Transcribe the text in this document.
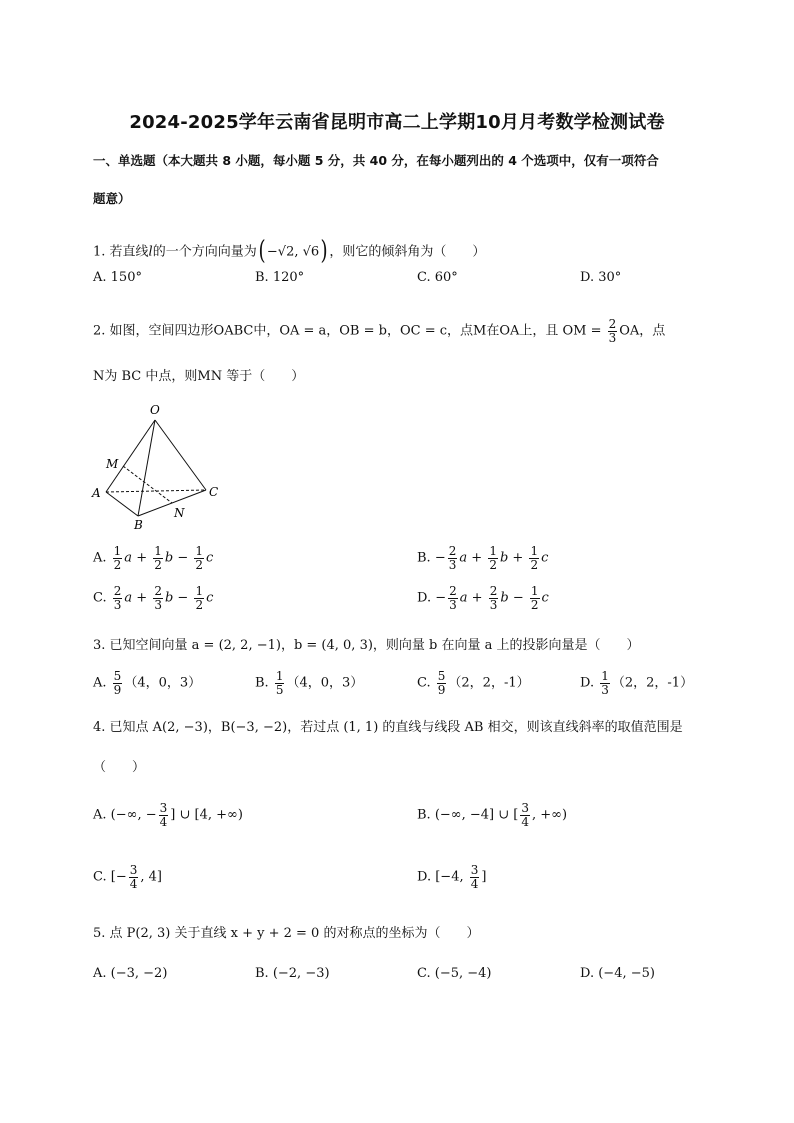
2024-2025学年云南省昆明市高二上学期10月月考数学检测试卷
一、单选题（本大题共 8 小题，每小题 5 分，共 40 分，在每小题列出的 4 个选项中，仅有一项符合
题意）
1. 若直线l的一个方向向量为( −√2, √6) ，则它的倾斜角为（　　）
A. 150°	B. 120°	C. 60°	D. 30°
2. 如图，空间四边形OABC中，OA = a，OB = b，OC = c，点M在OA上，且 OM = $\frac{2}{3}$ OA，点
N为 BC 中点，则MN 等于（　　）
O
M
A
B
N
C
A. $\frac{1}{2}$ $a + \frac{1}{2}$ $b - \frac{1}{2}$ c	B. − $\frac{2}{3}$ $a + \frac{1}{2}$ $b + \frac{1}{2}$ c
C. $\frac{2}{3}$ $a + \frac{2}{3}$ $b - \frac{1}{2}$ c	D. − $\frac{2}{3}$ $a + \frac{2}{3}$ $b - \frac{1}{2}$ c
3. 已知空间向量 a = (2, 2, −1)，b = (4, 0, 3)，则向量 b 在向量 a 上的投影向量是（　　）
A. $\frac{5}{9} (4$，0，3）	B. $\frac{1}{5} (4$，0，3）	C. $\frac{5}{9} (2$，2，-1）	D. $\frac{1}{3} (2$，2，-1）
4. 已知点 A(2, −3)，B(−3, −2)，若过点 (1, 1) 的直线与线段 AB 相交，则该直线斜率的取值范围是
（　　）
A. (−∞, − $\frac{3}{4}$ ] ∪ [4, +∞)	B. (−∞, −4] ∪ [ $\frac{3}{4}$ , +∞)
C. [− $\frac{3}{4}$ , 4]	D. [−4, $\frac{3}{4}$ ]
5. 点 P(2, 3) 关于直线 x + y + 2 = 0 的对称点的坐标为（　　）
A. (−3, −2)	B. (−2, −3)	C. (−5, −4)	D. (−4, −5)
